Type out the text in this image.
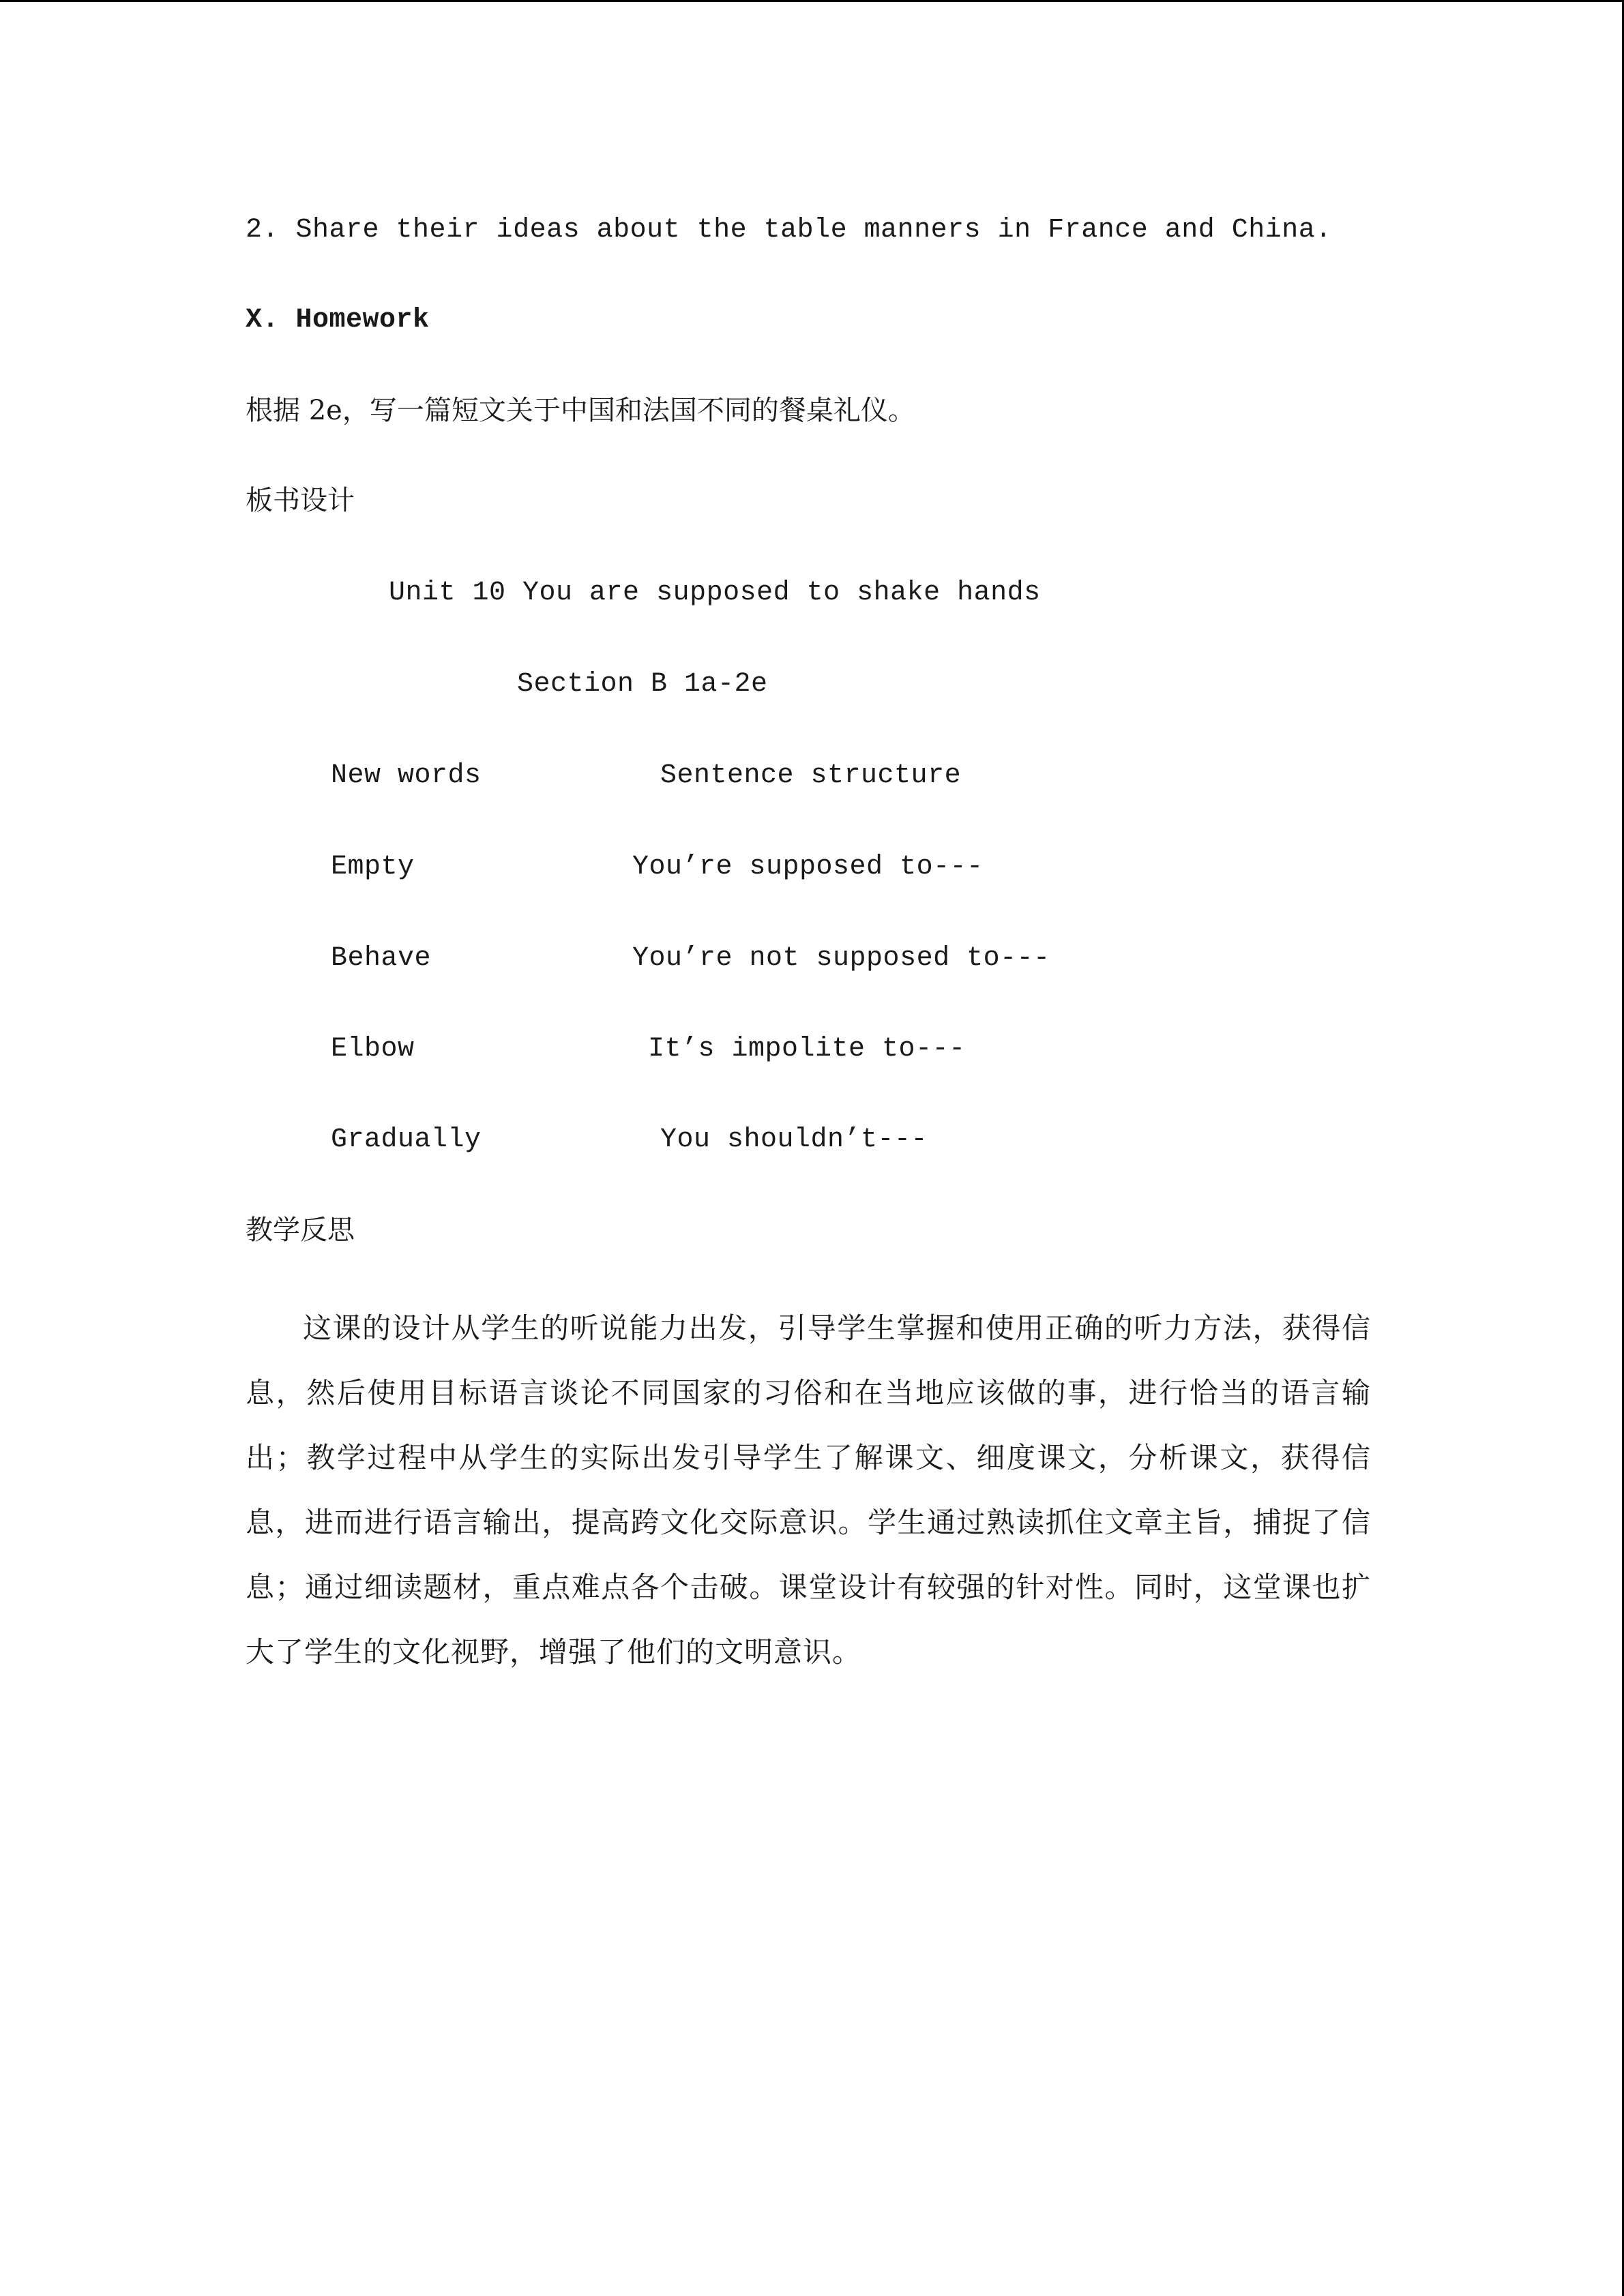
2. Share their ideas about the table manners in France and China.
X. Homework
根据 2e，写一篇短文关于中国和法国不同的餐桌礼仪。
板书设计
Unit 10 You are supposed to shake hands
Section B 1a-2e
New words	Sentence structure
Empty	You’re supposed to---
Behave	You’re not supposed to---
Elbow	It’s impolite to---
Gradually	You shouldn’t---
教学反思
这课的设计从学生的听说能力出发，引导学生掌握和使用正确的听力方法，获得信息，然后使用目标语言谈论不同国家的习俗和在当地应该做的事，进行恰当的语言输出；教学过程中从学生的实际出发引导学生了解课文、细度课文，分析课文，获得信息，进而进行语言输出，提高跨文化交际意识。学生通过熟读抓住文章主旨，捕捉了信息；通过细读题材，重点难点各个击破。课堂设计有较强的针对性。同时，这堂课也扩大了学生的文化视野，增强了他们的文明意识。
